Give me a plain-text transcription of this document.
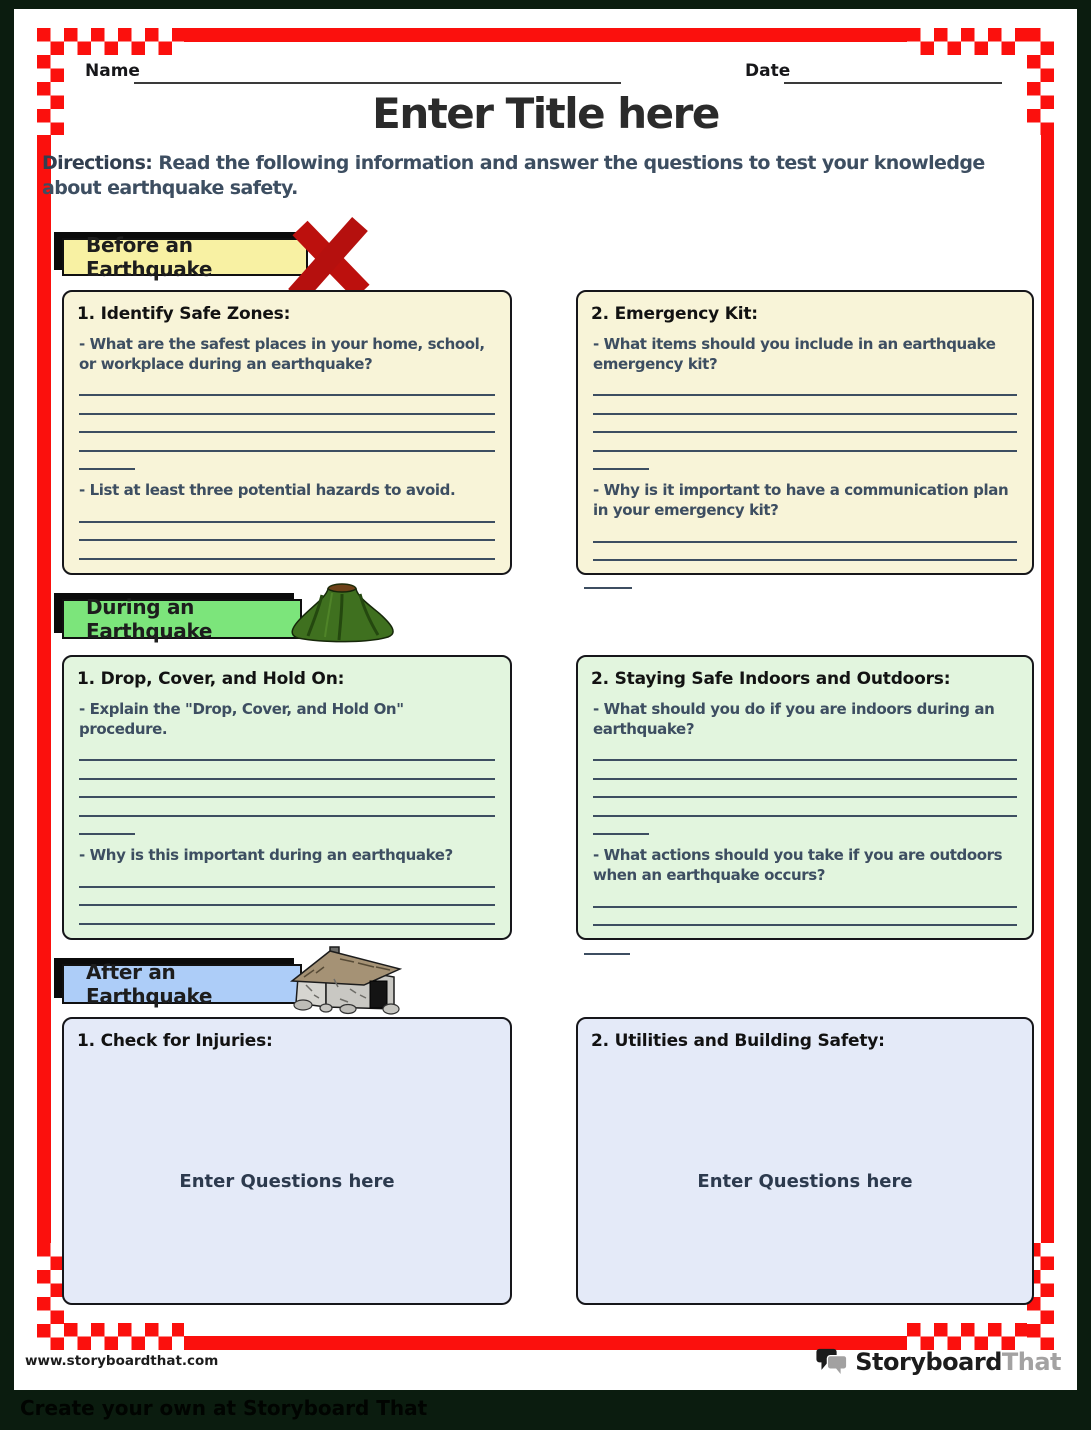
Name	Date
Enter Title here

Directions: Read the following information and answer the questions to test your knowledge about earthquake safety.

Before an Earthquake
1. Identify Safe Zones:

- What are the safest places in your home, school, or workplace during an earthquake?

- List at least three potential hazards to avoid.

2. Emergency Kit:

- What items should you include in an earthquake emergency kit?

- Why is it important to have a communication plan in your emergency kit?

During an Earthquake
1. Drop, Cover, and Hold On:

- Explain the "Drop, Cover, and Hold On" procedure.

- Why is this important during an earthquake?

2. Staying Safe Indoors and Outdoors:

- What should you do if you are indoors during an earthquake?

- What actions should you take if you are outdoors when an earthquake occurs?

After an Earthquake
1. Check for Injuries:
Enter Questions here
2. Utilities and Building Safety:
Enter Questions here
www.storyboardthat.com	StoryboardThat
Create your own at Storyboard That
